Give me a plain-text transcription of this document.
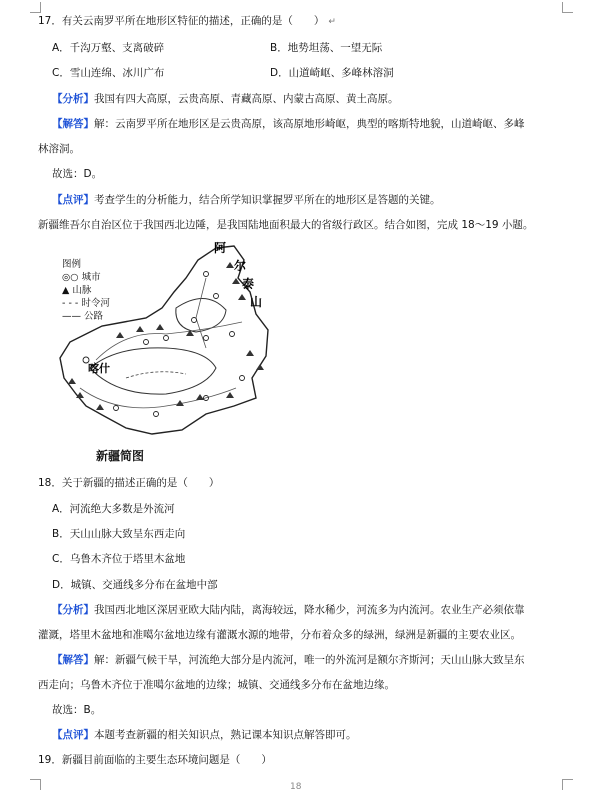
17．有关云南罗平所在地形区特征的描述，正确的是（　　） ↵
A．千沟万壑、支离破碎	B．地势坦荡、一望无际
C．雪山连绵、冰川广布	D．山道崎岖、多峰林溶洞
【分析】我国有四大高原，云贵高原、青藏高原、内蒙古高原、黄土高原。
【解答】解：云南罗平所在地形区是云贵高原，该高原地形崎岖，典型的喀斯特地貌，山道崎岖、多峰
林溶洞。
故选：D。
【点评】考查学生的分析能力，结合所学知识掌握罗平所在的地形区是答题的关键。
新疆维吾尔自治区位于我国西北边陲，是我国陆地面积最大的省级行政区。结合如图，完成 18～19 小题。
阿
尔
泰
山
喀什
图例
◎○ 城市
▲ 山脉
- - - 时令河
—— 公路
新疆简图
18．关于新疆的描述正确的是（　　）
A．河流绝大多数是外流河
B．天山山脉大致呈东西走向
C．乌鲁木齐位于塔里木盆地
D．城镇、交通线多分布在盆地中部
【分析】我国西北地区深居亚欧大陆内陆，离海较远，降水稀少，河流多为内流河。农业生产必须依靠
灌溉，塔里木盆地和准噶尔盆地边缘有灌溉水源的地带，分布着众多的绿洲，绿洲是新疆的主要农业区。
【解答】解：新疆气候干旱，河流绝大部分是内流河，唯一的外流河是额尔齐斯河；天山山脉大致呈东
西走向；乌鲁木齐位于准噶尔盆地的边缘；城镇、交通线多分布在盆地边缘。
故选：B。
【点评】本题考查新疆的相关知识点，熟记课本知识点解答即可。
19．新疆目前面临的主要生态环境问题是（　　）
18
